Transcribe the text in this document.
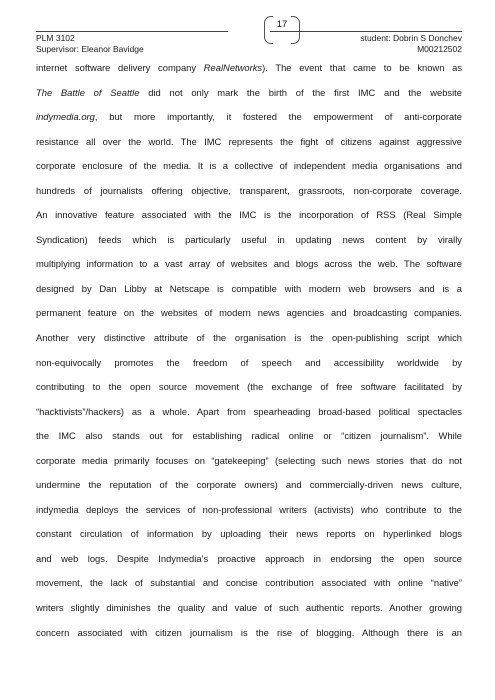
17
PLM 3102
Supervisor: Eleanor Bavidge
student: Dobrin S Donchev
M00212502
internet software delivery company RealNetworks). The event that came to be known as
The Battle of Seattle did not only mark the birth of the first IMC and the website
indymedia.org, but more importantly, it fostered the empowerment of anti-corporate
resistance all over the world. The IMC represents the fight of citizens against aggressive
corporate enclosure of the media. It is a collective of independent media organisations and
hundreds of journalists offering objective, transparent, grassroots, non-corporate coverage.
An innovative feature associated with the IMC is the incorporation of RSS (Real Simple
Syndication) feeds which is particularly useful in updating news content by virally
multiplying information to a vast array of websites and blogs across the web. The software
designed by Dan Libby at Netscape is compatible with modern web browsers and is a
permanent feature on the websites of modern news agencies and broadcasting companies.
Another very distinctive attribute of the organisation is the open-publishing script which
non-equivocally promotes the freedom of speech and accessibility worldwide by
contributing to the open source movement (the exchange of free software facilitated by
“hacktivists”/hackers) as a whole. Apart from spearheading broad-based political spectacles
the IMC also stands out for establishing radical online or “citizen journalism”. While
corporate media primarily focuses on “gatekeeping” (selecting such news stories that do not
undermine the reputation of the corporate owners) and commercially-driven news culture,
indymedia deploys the services of non-professional writers (activists) who contribute to the
constant circulation of information by uploading their news reports on hyperlinked blogs
and web logs. Despite Indymedia’s proactive approach in endorsing the open source
movement, the lack of substantial and concise contribution associated with online “native”
writers slightly diminishes the quality and value of such authentic reports. Another growing
concern associated with citizen journalism is the rise of blogging. Although there is an
